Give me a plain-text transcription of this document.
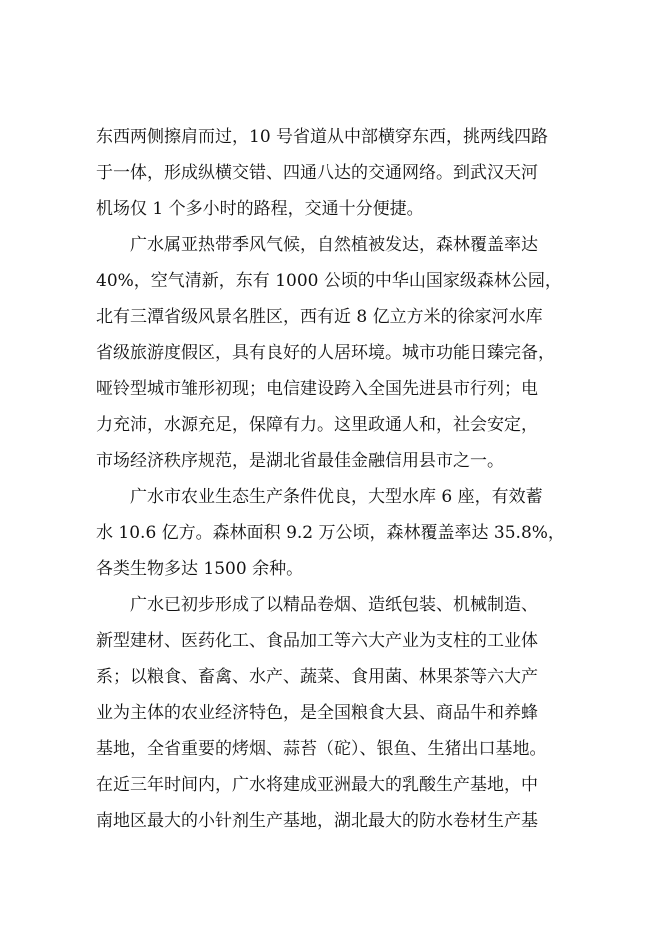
东西两侧擦肩而过，10 号省道从中部横穿东西，挑两线四路
于一体，形成纵横交错、四通八达的交通网络。到武汉天河
机场仅 1 个多小时的路程，交通十分便捷。
广水属亚热带季风气候，自然植被发达，森林覆盖率达
40%，空气清新，东有 1000 公顷的中华山国家级森林公园，
北有三潭省级风景名胜区，西有近 8 亿立方米的徐家河水库
省级旅游度假区，具有良好的人居环境。城市功能日臻完备，
哑铃型城市雏形初现；电信建设跨入全国先进县市行列；电
力充沛，水源充足，保障有力。这里政通人和，社会安定，
市场经济秩序规范，是湖北省最佳金融信用县市之一。
广水市农业生态生产条件优良，大型水库 6 座，有效蓄
水 10.6 亿方。森林面积 9.2 万公顷，森林覆盖率达 35.8%，
各类生物多达 1500 余种。
广水已初步形成了以精品卷烟、造纸包装、机械制造、
新型建材、医药化工、食品加工等六大产业为支柱的工业体
系；以粮食、畜禽、水产、蔬菜、食用菌、林果茶等六大产
业为主体的农业经济特色，是全国粮食大县、商品牛和养蜂
基地，全省重要的烤烟、蒜苔（砣）、银鱼、生猪出口基地。
在近三年时间内，广水将建成亚洲最大的乳酸生产基地，中
南地区最大的小针剂生产基地，湖北最大的防水卷材生产基
